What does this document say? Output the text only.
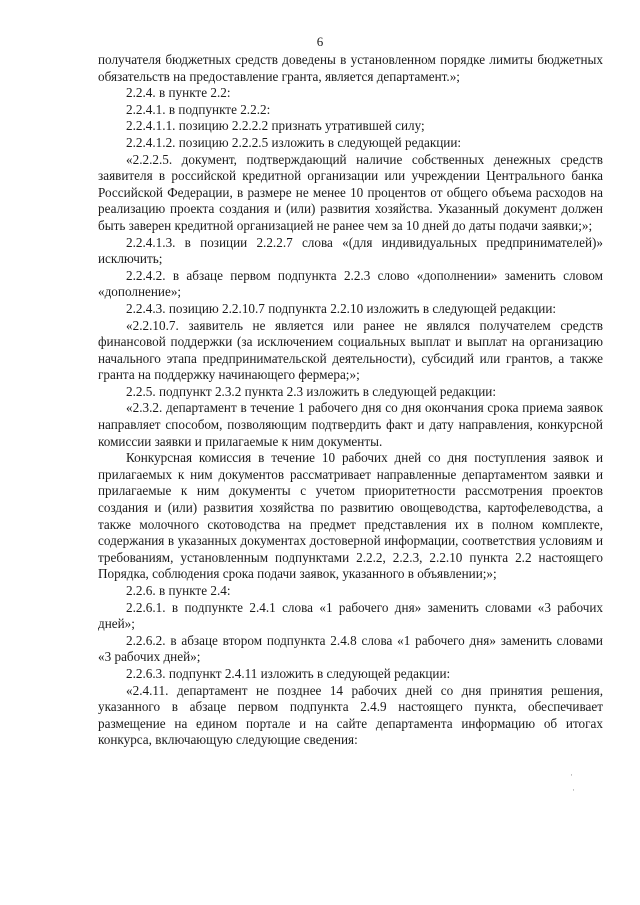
6

получателя бюджетных средств доведены в установленном порядке лимиты бюджетных обязательств на предоставление гранта, является департамент.»;

2.2.4. в пункте 2.2:

2.2.4.1. в подпункте 2.2.2:

2.2.4.1.1. позицию 2.2.2.2 признать утратившей силу;

2.2.4.1.2. позицию 2.2.2.5 изложить в следующей редакции:

«2.2.2.5. документ, подтверждающий наличие собственных денежных средств заявителя в российской кредитной организации или учреждении Центрального банка Российской Федерации, в размере не менее 10 процентов от общего объема расходов на реализацию проекта создания и (или) развития хозяйства. Указанный документ должен быть заверен кредитной организацией не ранее чем за 10 дней до даты подачи заявки;»;

2.2.4.1.3. в позиции 2.2.2.7 слова «(для индивидуальных предпринимателей)» исключить;

2.2.4.2. в абзаце первом подпункта 2.2.3 слово «дополнении» заменить словом «дополнение»;

2.2.4.3. позицию 2.2.10.7 подпункта 2.2.10 изложить в следующей редакции:

«2.2.10.7. заявитель не является или ранее не являлся получателем средств финансовой поддержки (за исключением социальных выплат и выплат на организацию начального этапа предпринимательской деятельности), субсидий или грантов, а также гранта на поддержку начинающего фермера;»;

2.2.5. подпункт 2.3.2 пункта 2.3 изложить в следующей редакции:

«2.3.2. департамент в течение 1 рабочего дня со дня окончания срока приема заявок направляет способом, позволяющим подтвердить факт и дату направления, конкурсной комиссии заявки и прилагаемые к ним документы.

Конкурсная комиссия в течение 10 рабочих дней со дня поступления заявок и прилагаемых к ним документов рассматривает направленные департаментом заявки и прилагаемые к ним документы с учетом приоритетности рассмотрения проектов создания и (или) развития хозяйства по развитию овощеводства, картофелеводства, а также молочного скотоводства на предмет представления их в полном комплекте, содержания в указанных документах достоверной информации, соответствия условиям и требованиям, установленным подпунктами 2.2.2, 2.2.3, 2.2.10 пункта 2.2 настоящего Порядка, соблюдения срока подачи заявок, указанного в объявлении;»;

2.2.6. в пункте 2.4:

2.2.6.1. в подпункте 2.4.1 слова «1 рабочего дня» заменить словами «3 рабочих дней»;

2.2.6.2. в абзаце втором подпункта 2.4.8 слова «1 рабочего дня» заменить словами «3 рабочих дней»;

2.2.6.3. подпункт 2.4.11 изложить в следующей редакции:

«2.4.11. департамент не позднее 14 рабочих дней со дня принятия решения, указанного в абзаце первом подпункта 2.4.9 настоящего пункта, обеспечивает размещение на едином портале и на сайте департамента информацию об итогах конкурса, включающую следующие сведения:

·
·
